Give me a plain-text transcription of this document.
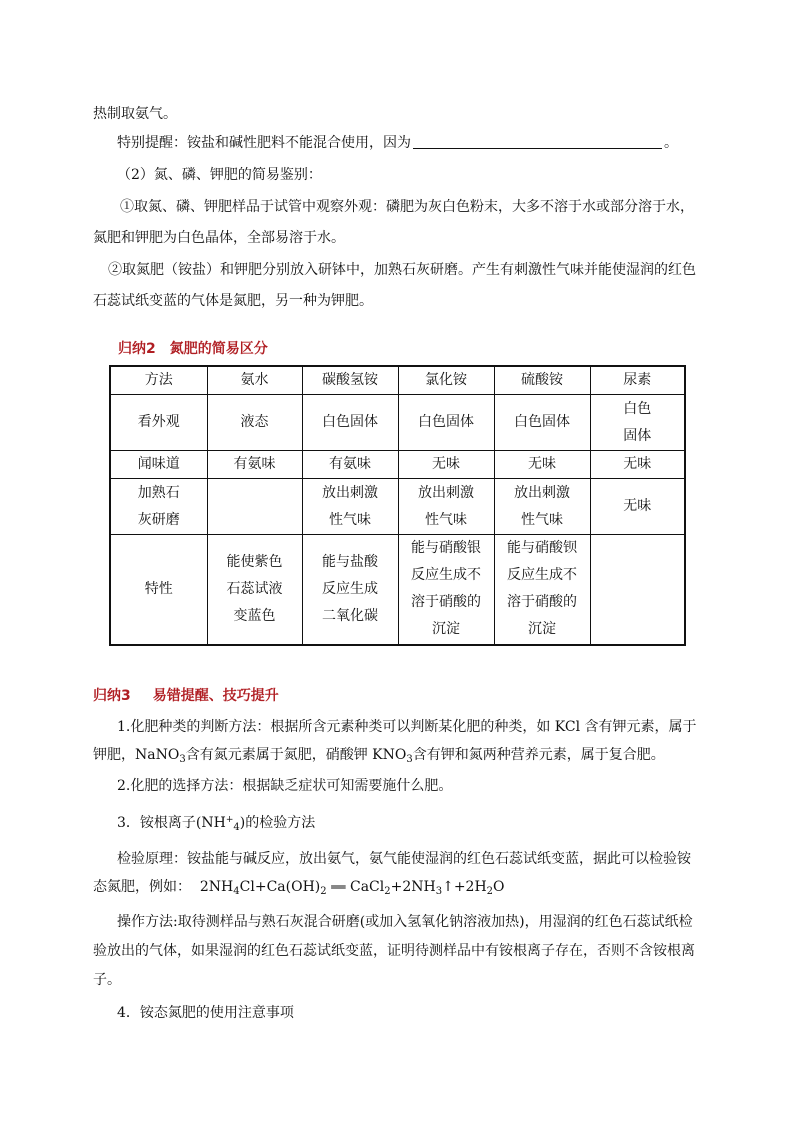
热制取氨气。
特别提醒：铵盐和碱性肥料不能混合使用，因为	。
（2）氮、磷、钾肥的简易鉴别：
①取氮、磷、钾肥样品于试管中观察外观：磷肥为灰白色粉末，大多不溶于水或部分溶于水，
氮肥和钾肥为白色晶体，全部易溶于水。
②取氮肥（铵盐）和钾肥分别放入研钵中，加熟石灰研磨。产生有刺激性气味并能使湿润的红色
石蕊试纸变蓝的气体是氮肥，另一种为钾肥。
归纳2 氮肥的简易区分
方法	氨水	碳酸氢铵	氯化铵	硫酸铵	尿素
看外观	液态	白色固体	白色固体	白色固体	白色
固体
闻味道	有氨味	有氨味	无味	无味	无味
加熟石
灰研磨		放出刺激
性气味	放出刺激
性气味	放出刺激
性气味	无味
特性	能使紫色
石蕊试液
变蓝色	能与盐酸
反应生成
二氧化碳	能与硝酸银
反应生成不
溶于硝酸的
沉淀	能与硝酸钡
反应生成不
溶于硝酸的
沉淀	
归纳3 易错提醒、技巧提升
1.化肥种类的判断方法：根据所含元素种类可以判断某化肥的种类，如 KCl 含有钾元素，属于
钾肥，NaNO$_3$含有氮元素属于氮肥，硝酸钾 $KNO_3$含有钾和氮两种营养元素，属于复合肥。
2.化肥的选择方法：根据缺乏症状可知需要施什么肥。
3．铵根离子$(NH^+_4)$的检验方法
检验原理：铵盐能与碱反应，放出氨气，氨气能使湿润的红色石蕊试纸变蓝，据此可以检验铵
态氮肥，例如：  $2NH_4Cl+Ca(OH)_2$ ══ $CaCl_2+2NH_3↑+2H_2O$
操作方法:取待测样品与熟石灰混合研磨(或加入氢氧化钠溶液加热)，用湿润的红色石蕊试纸检
验放出的气体，如果湿润的红色石蕊试纸变蓝，证明待测样品中有铵根离子存在，否则不含铵根离
子。
4．铵态氮肥的使用注意事项
